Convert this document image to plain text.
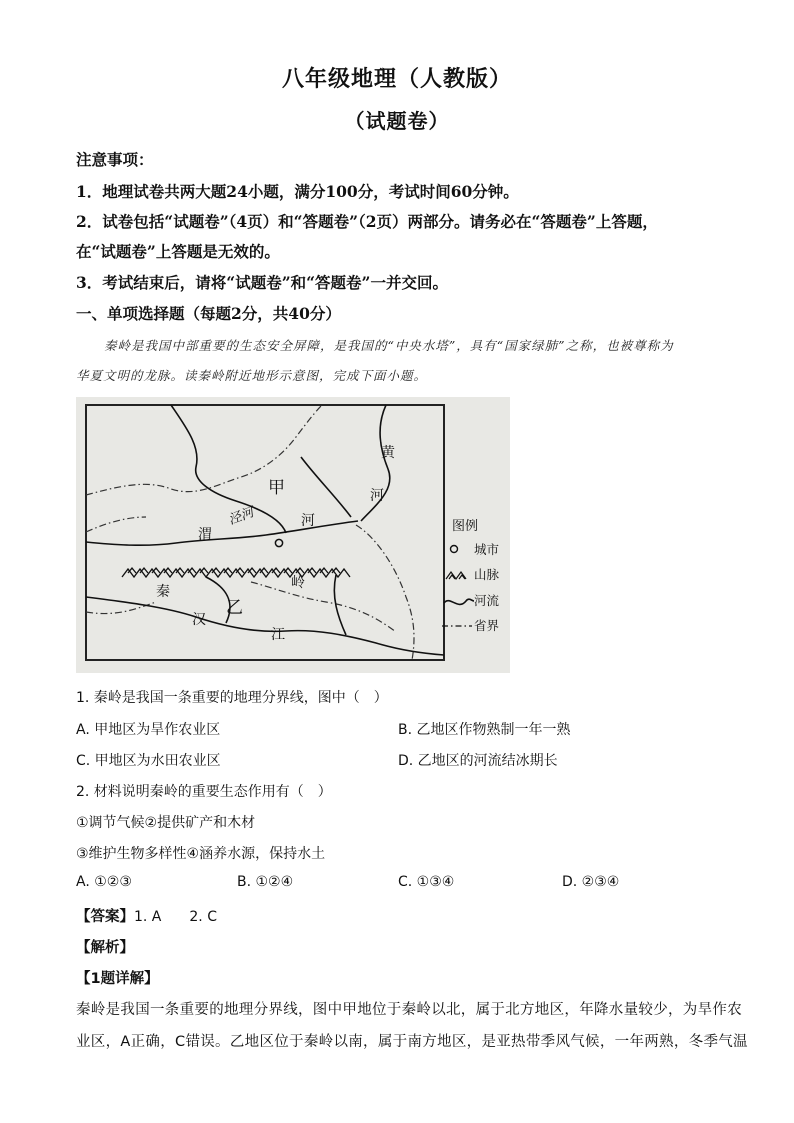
八年级地理（人教版）
（试题卷）
注意事项：
1．地理试卷共两大题24小题，满分100分，考试时间60分钟。
2．试卷包括“试题卷”（4页）和“答题卷”（2页）两部分。请务必在“答题卷”上答题，
在“试题卷”上答题是无效的。
3．考试结束后，请将“试题卷”和“答题卷”一并交回。
一、单项选择题（每题2分，共40分）
秦岭是我国中部重要的生态安全屏障，是我国的“中央水塔”，具有“国家绿肺”之称，也被尊称为
华夏文明的龙脉。读秦岭附近地形示意图，完成下面小题。
甲
乙
黄
河
泾河
渭
河
秦
岭
汉
江
图例
城市
山脉
河流
省界
1. 秦岭是我国一条重要的地理分界线，图中（　）
A. 甲地区为旱作农业区	B. 乙地区作物熟制一年一熟
C. 甲地区为水田农业区	D. 乙地区的河流结冰期长
2. 材料说明秦岭的重要生态作用有（　）
①调节气候②提供矿产和木材
③维护生物多样性④涵养水源，保持水土
A. ①②③	B. ①②④	C. ①③④	D. ②③④
【答案】1. A　　2. C
【解析】
【1题详解】
秦岭是我国一条重要的地理分界线，图中甲地位于秦岭以北，属于北方地区，年降水量较少，为旱作农
业区，A正确，C错误。乙地区位于秦岭以南，属于南方地区，是亚热带季风气候，一年两熟，冬季气温
